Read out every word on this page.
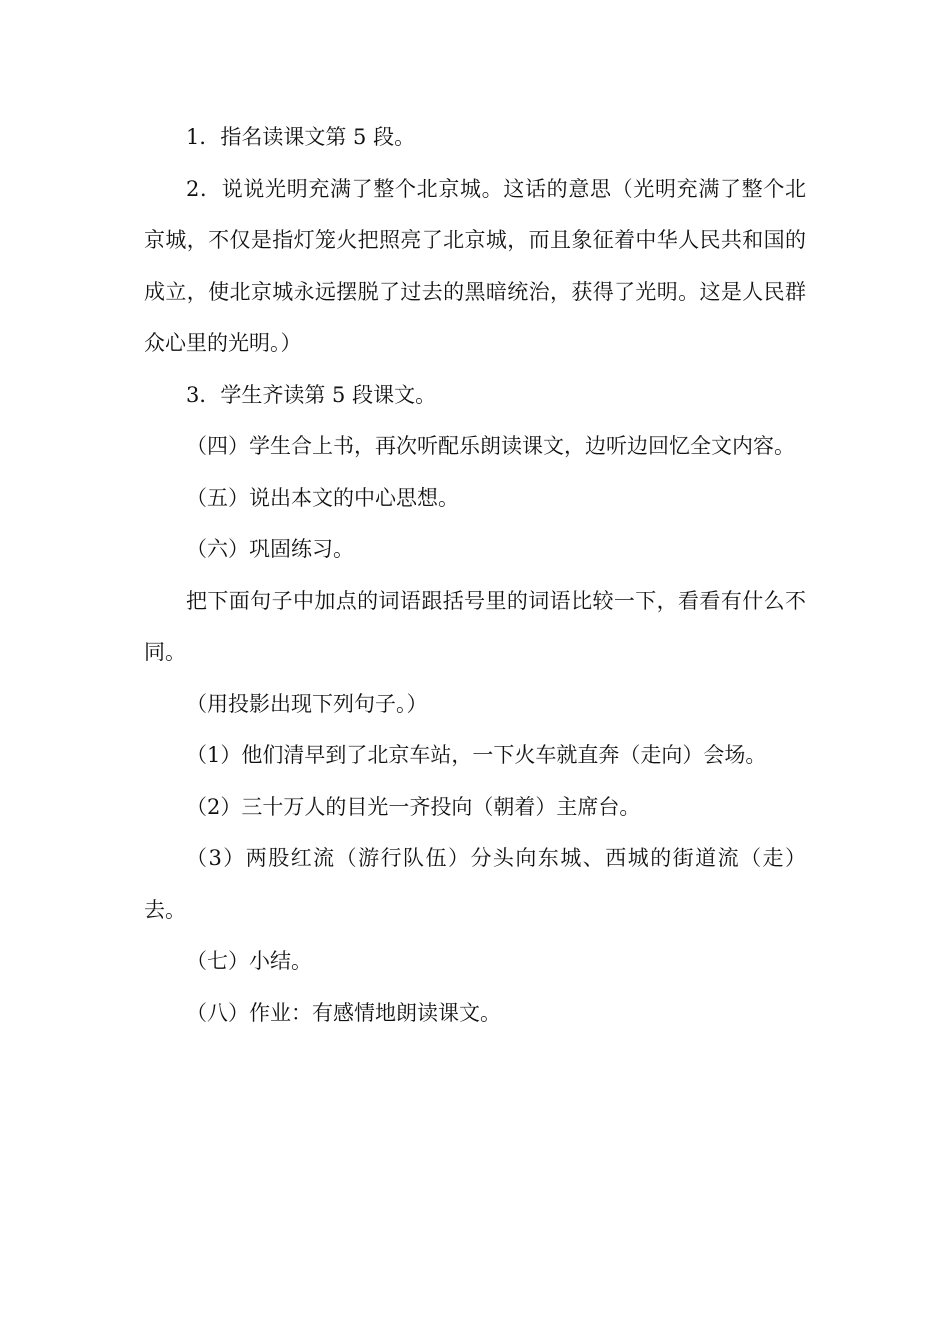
1．指名读课文第 5 段。

2．说说光明充满了整个北京城。这话的意思（光明充满了整个北京城，不仅是指灯笼火把照亮了北京城，而且象征着中华人民共和国的成立，使北京城永远摆脱了过去的黑暗统治，获得了光明。这是人民群众心里的光明。）

3．学生齐读第 5 段课文。

（四）学生合上书，再次听配乐朗读课文，边听边回忆全文内容。

（五）说出本文的中心思想。

（六）巩固练习。

把下面句子中加点的词语跟括号里的词语比较一下，看看有什么不同。

（用投影出现下列句子。）

（1）他们清早到了北京车站，一下火车就直奔（走向）会场。

（2）三十万人的目光一齐投向（朝着）主席台。

（3）两股红流（游行队伍）分头向东城、西城的街道流（走）去。

（七）小结。

（八）作业：有感情地朗读课文。
